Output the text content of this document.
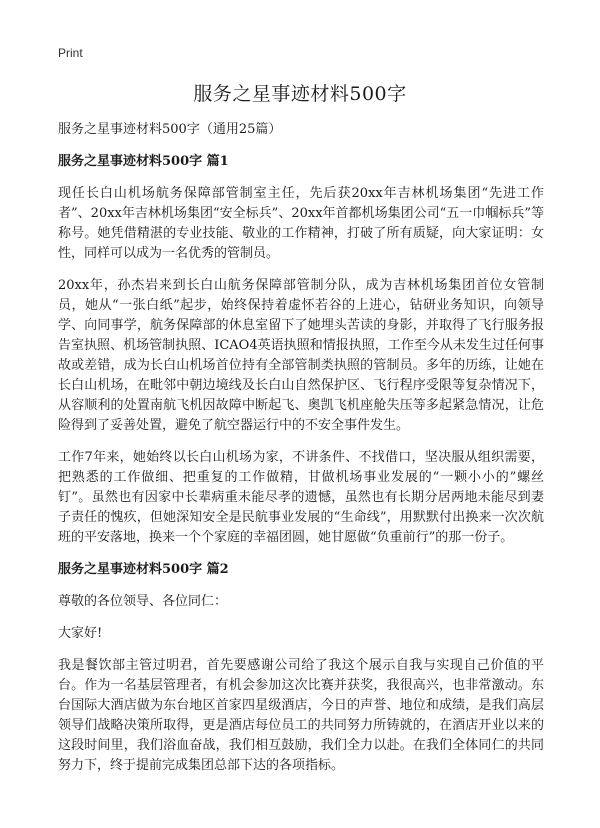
Print
服务之星事迹材料500字

服务之星事迹材料500字（通用25篇）

服务之星事迹材料500字 篇1

现任长白山机场航务保障部管制室主任，先后获20xx年吉林机场集团“先进工作者”、20xx年吉林机场集团“安全标兵”、20xx年首都机场集团公司“五一巾帼标兵”等称号。她凭借精湛的专业技能、敬业的工作精神，打破了所有质疑，向大家证明：女性，同样可以成为一名优秀的管制员。

20xx年，孙杰岩来到长白山航务保障部管制分队，成为吉林机场集团首位女管制员，她从“一张白纸”起步，始终保持着虚怀若谷的上进心，钻研业务知识，向领导学、向同事学，航务保障部的休息室留下了她埋头苦读的身影，并取得了飞行服务报告室执照、机场管制执照、ICAO4英语执照和情报执照，工作至今从未发生过任何事故或差错，成为长白山机场首位持有全部管制类执照的管制员。多年的历练，让她在长白山机场，在毗邻中朝边境线及长白山自然保护区、飞行程序受限等复杂情况下，从容顺利的处置南航飞机因故障中断起飞、奥凯飞机座舱失压等多起紧急情况，让危险得到了妥善处置，避免了航空器运行中的不安全事件发生。

工作7年来，她始终以长白山机场为家，不讲条件、不找借口，坚决服从组织需要，把熟悉的工作做细、把重复的工作做精，甘做机场事业发展的“一颗小小的”螺丝钉”。虽然也有因家中长辈病重未能尽孝的遗憾，虽然也有长期分居两地未能尽到妻子责任的愧疚，但她深知安全是民航事业发展的“生命线”，用默默付出换来一次次航班的平安落地，换来一个个家庭的幸福团圆，她甘愿做“负重前行”的那一份子。

服务之星事迹材料500字 篇2

尊敬的各位领导、各位同仁：

大家好!

我是餐饮部主管过明君，首先要感谢公司给了我这个展示自我与实现自己价值的平台。作为一名基层管理者，有机会参加这次比赛并获奖，我很高兴，也非常激动。东台国际大酒店做为东台地区首家四星级酒店，今日的声誉、地位和成绩，是我们高层领导们战略决策所取得，更是酒店每位员工的共同努力所铸就的，在酒店开业以来的这段时间里，我们浴血奋战，我们相互鼓励，我们全力以赴。在我们全体同仁的共同努力下，终于提前完成集团总部下达的各项指标。
